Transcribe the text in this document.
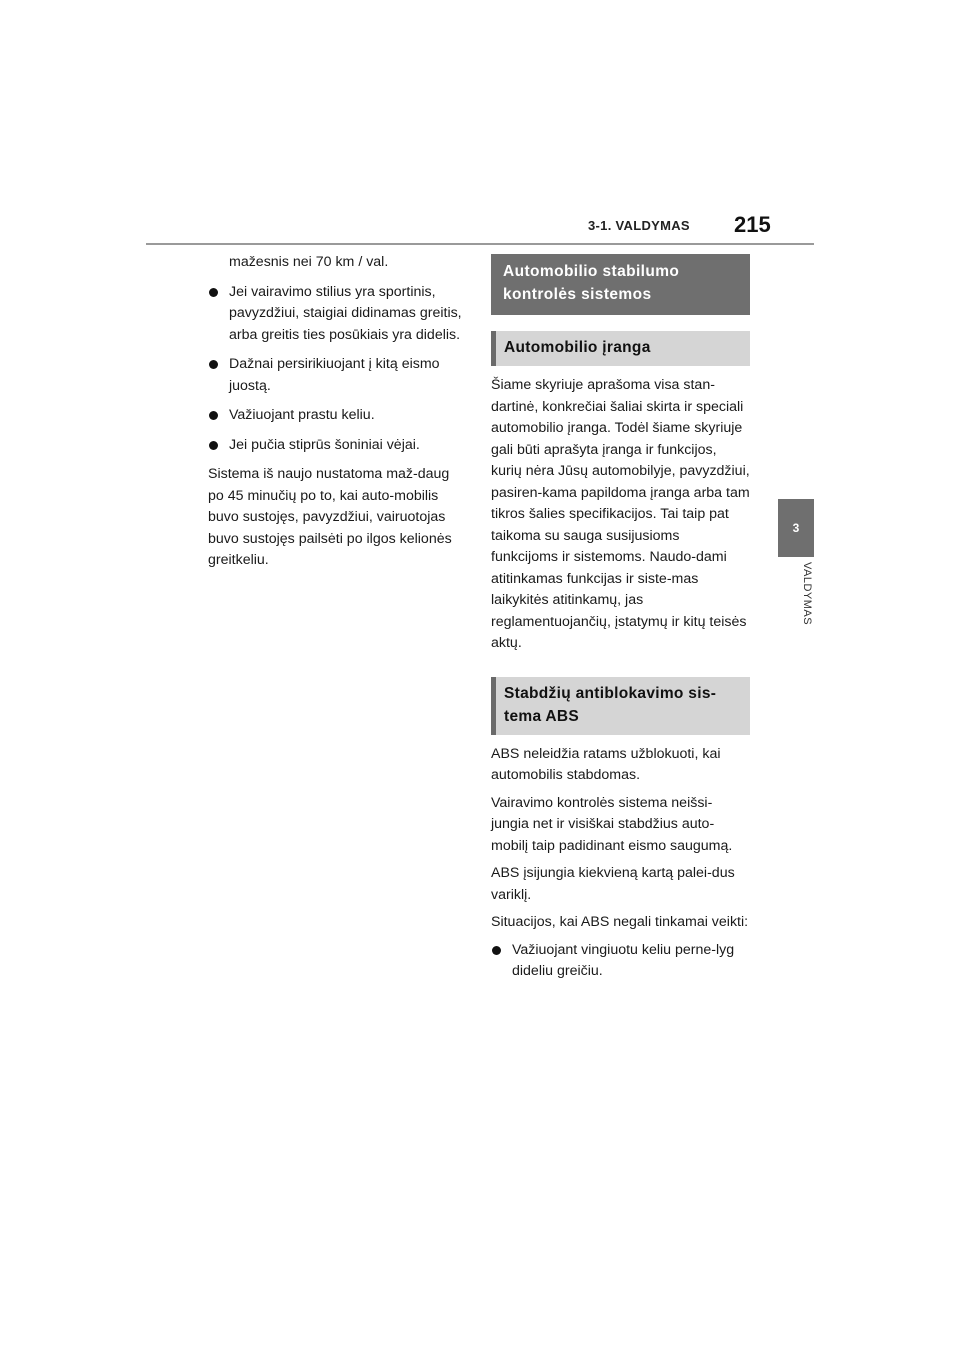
3-1. VALDYMAS 215
3
VALDYMAS

mažesnis nei 70 km / val.

Jei vairavimo stilius yra sportinis, pavyzdžiui, staigiai didinamas greitis, arba greitis ties posūkiais yra didelis.
Dažnai persirikiuojant į kitą eismo juostą.
Važiuojant prastu keliu.
Jei pučia stiprūs šoniniai vėjai.

Sistema iš naujo nustatoma maž-daug po 45 minučių po to, kai auto-mobilis buvo sustojęs, pavyzdžiui, vairuotojas buvo sustojęs pailsėti po ilgos kelionės greitkeliu.

Automobilio stabilumo kontrolės sistemos
Automobilio įranga

Šiame skyriuje aprašoma visa stan-dartinė, konkrečiai šaliai skirta ir speciali automobilio įranga. Todėl šiame skyriuje gali būti aprašyta įranga ir funkcijos, kurių nėra Jūsų automobilyje, pavyzdžiui, pasiren-kama papildoma įranga arba tam tikros šalies specifikacijos. Tai taip pat taikoma su sauga susijusioms funkcijoms ir sistemoms. Naudo-dami atitinkamas funkcijas ir siste-mas laikykitės atitinkamų, jas reglamentuojančių, įstatymų ir kitų teisės aktų.

Stabdžių antiblokavimo sis-tema ABS

ABS neleidžia ratams užblokuoti, kai automobilis stabdomas.

Vairavimo kontrolės sistema neišsi-jungia net ir visiškai stabdžius auto-mobilį taip padidinant eismo saugumą.

ABS įsijungia kiekvieną kartą palei-dus variklį.

Situacijos, kai ABS negali tinkamai veikti:

Važiuojant vingiuotu keliu perne-lyg dideliu greičiu.
